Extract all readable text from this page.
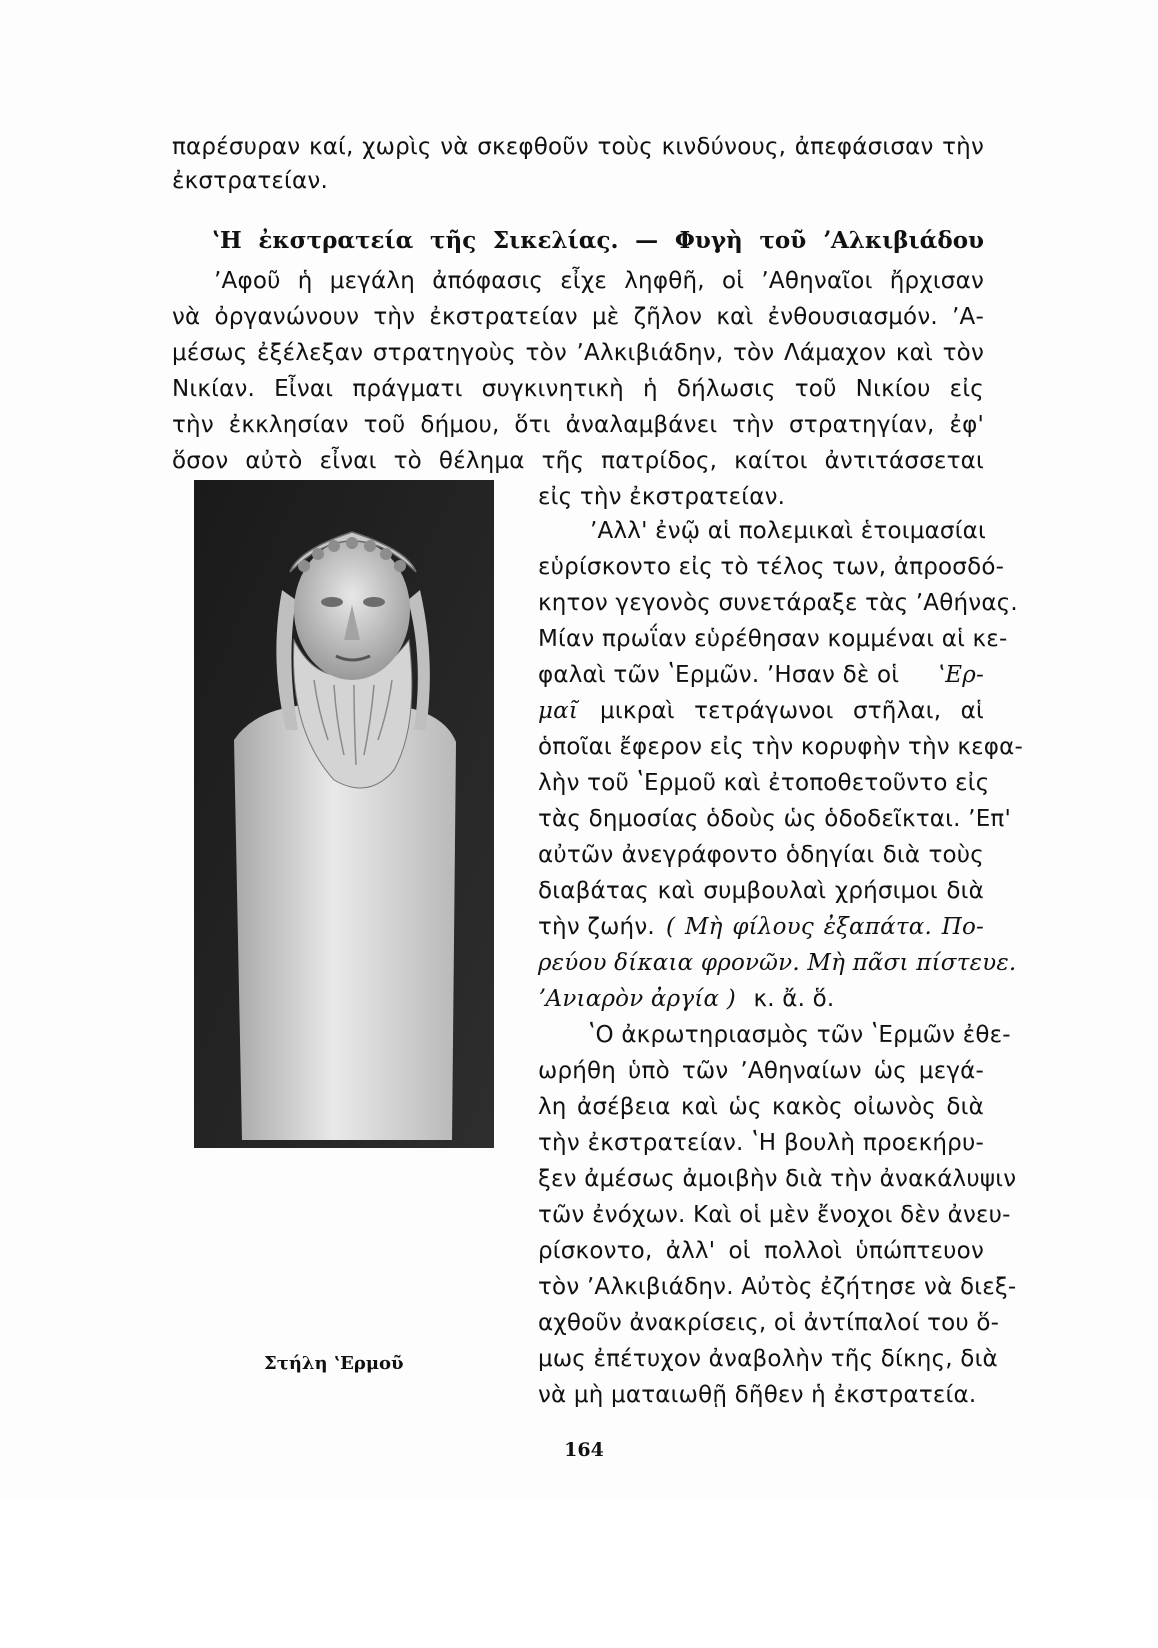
παρέσυραν καί, χωρὶς νὰ σκεφθοῦν τοὺς κινδύνους, ἀπεφάσισαν τὴν
ἐκστρατείαν.
ʽΗ ἐκστρατεία τῆς Σικελίας. — Φυγὴ τοῦ ʼΑλκιβιάδου
ʼΑφοῦ ἡ μεγάλη ἀπόφασις εἶχε ληφθῆ, οἱ ʼΑθηναῖοι ἤρχισαν
νὰ ὀργανώνουν τὴν ἐκστρατείαν μὲ ζῆλον καὶ ἐνθουσιασμόν. ʼΑ-
μέσως ἐξέλεξαν στρατηγοὺς τὸν ʼΑλκιβιάδην, τὸν Λάμαχον καὶ τὸν
Νικίαν. Εἶναι πράγματι συγκινητικὴ ἡ δήλωσις τοῦ Νικίου εἰς
τὴν ἐκκλησίαν τοῦ δήμου, ὅτι ἀναλαμβάνει τὴν στρατηγίαν, ἐφ'
ὅσον αὐτὸ εἶναι τὸ θέλημα τῆς πατρίδος, καίτοι ἀντιτάσσεται
εἰς τὴν ἐκστρατείαν.
Στήλη ʽΕρμοῦ
ʼΑλλ' ἐνῷ αἱ πολεμικαὶ ἑτοιμασίαι
εὑρίσκοντο εἰς τὸ τέλος των, ἀπροσδό-
κητον γεγονὸς συνετάραξε τὰς ʼΑθήνας.
Μίαν πρωΐαν εὑρέθησαν κομμέναι αἱ κε-
φαλαὶ τῶν ʽΕρμῶν. ʼΗσαν δὲ οἱ ʽΕρ-
μαῖ μικραὶ τετράγωνοι στῆλαι, αἱ
ὁποῖαι ἔφερον εἰς τὴν κορυφὴν τὴν κεφα-
λὴν τοῦ ʽΕρμοῦ καὶ ἐτοποθετοῦντο εἰς
τὰς δημοσίας ὁδοὺς ὡς ὁδοδεῖκται. ʼΕπ'
αὐτῶν ἀνεγράφοντο ὁδηγίαι διὰ τοὺς
διαβάτας καὶ συμβουλαὶ χρήσιμοι διὰ
τὴν ζωήν. ( Μὴ φίλους ἐξαπάτα. Πο-
ρεύου δίκαια φρονῶν. Μὴ πᾶσι πίστευε.
ʼΑνιαρὸν ἀργία ) κ. ἄ. ὅ.
ʽΟ ἀκρωτηριασμὸς τῶν ʽΕρμῶν ἐθε-
ωρήθη ὑπὸ τῶν ʼΑθηναίων ὡς μεγά-
λη ἀσέβεια καὶ ὡς κακὸς οἰωνὸς διὰ
τὴν ἐκστρατείαν. ʽΗ βουλὴ προεκήρυ-
ξεν ἀμέσως ἀμοιβὴν διὰ τὴν ἀνακάλυψιν
τῶν ἐνόχων. Καὶ οἱ μὲν ἔνοχοι δὲν ἀνευ-
ρίσκοντο, ἀλλ' οἱ πολλοὶ ὑπώπτευον
τὸν ʼΑλκιβιάδην. Αὐτὸς ἐζήτησε νὰ διεξ-
αχθοῦν ἀνακρίσεις, οἱ ἀντίπαλοί του ὅ-
μως ἐπέτυχον ἀναβολὴν τῆς δίκης, διὰ
νὰ μὴ ματαιωθῇ δῆθεν ἡ ἐκστρατεία.
164
